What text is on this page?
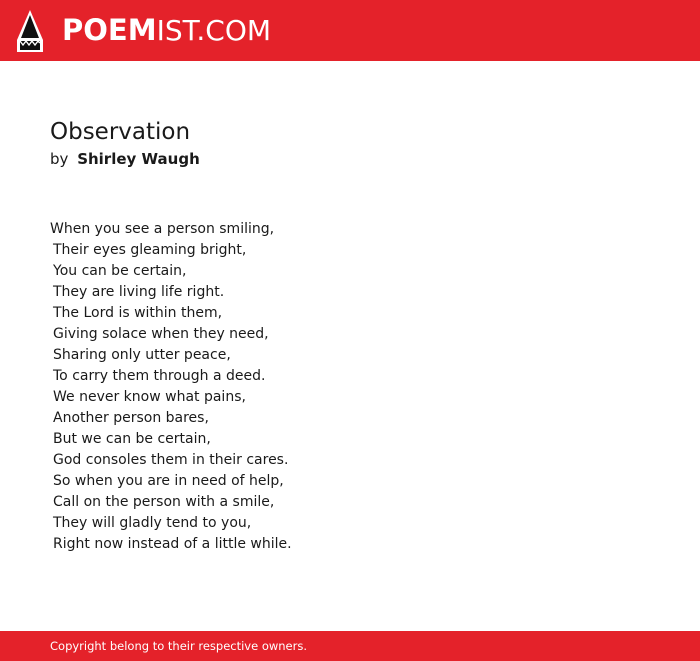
POEMIST.COM
Observation
by Shirley Waugh
When you see a person smiling,
Their eyes gleaming bright,
You can be certain,
They are living life right.
The Lord is within them,
Giving solace when they need,
Sharing only utter peace,
To carry them through a deed.
We never know what pains,
Another person bares,
But we can be certain,
God consoles them in their cares.
So when you are in need of help,
Call on the person with a smile,
They will gladly tend to you,
Right now instead of a little while.
Copyright belong to their respective owners.
